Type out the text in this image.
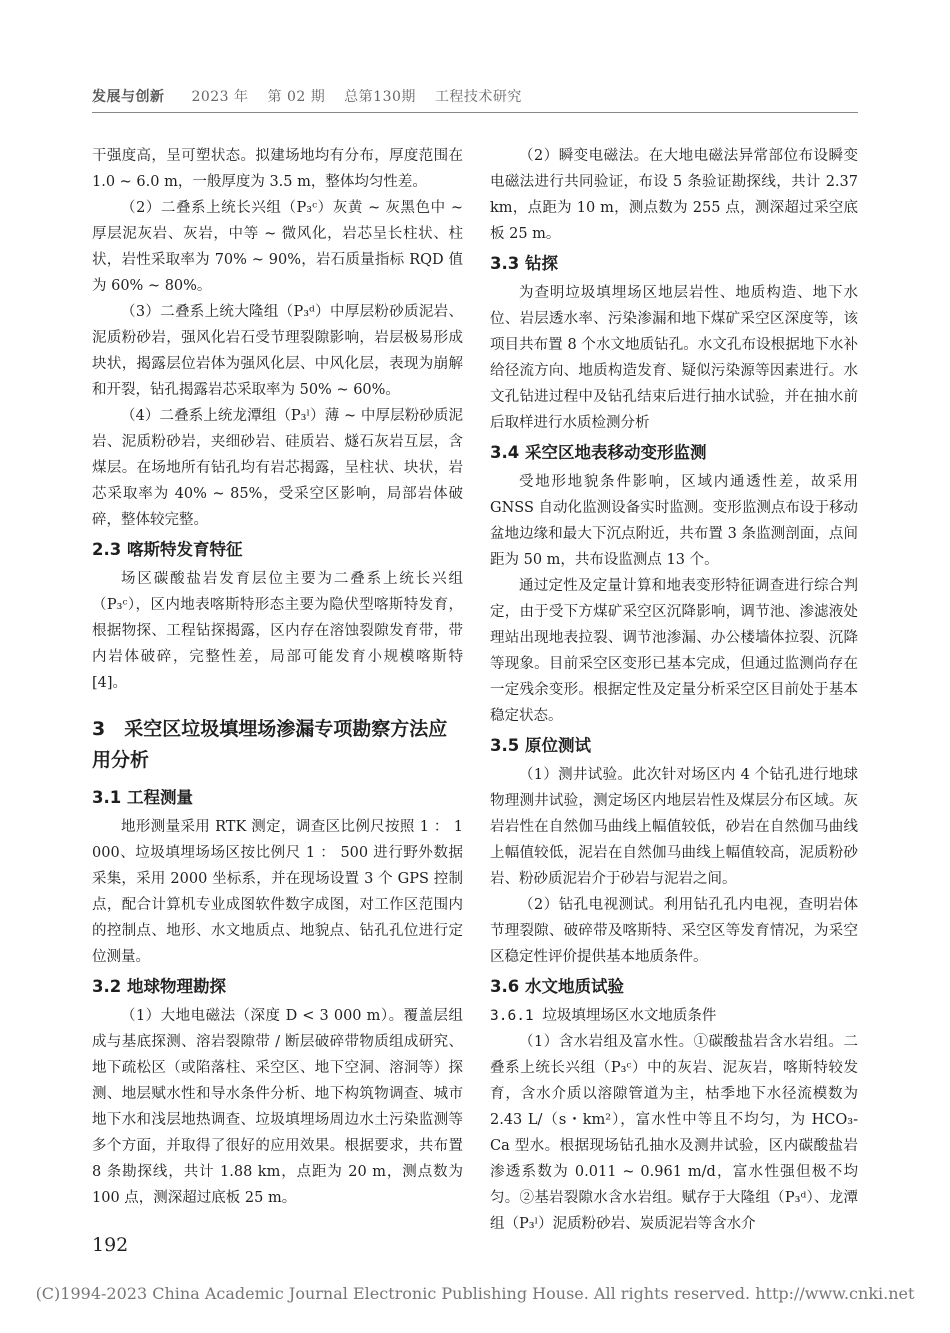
发展与创新 2023 年 第 02 期 总第130期 工程技术研究

干强度高，呈可塑状态。拟建场地均有分布，厚度范围在 1.0 ~ 6.0 m，一般厚度为 3.5 m，整体均匀性差。

（2）二叠系上统长兴组（P₃ᶜ）灰黄 ~ 灰黑色中 ~ 厚层泥灰岩、灰岩，中等 ~ 微风化，岩芯呈长柱状、柱状，岩性采取率为 70% ~ 90%，岩石质量指标 RQD 值为 60% ~ 80%。

（3）二叠系上统大隆组（P₃ᵈ）中厚层粉砂质泥岩、泥质粉砂岩，强风化岩石受节理裂隙影响，岩层极易形成块状，揭露层位岩体为强风化层、中风化层，表现为崩解和开裂，钻孔揭露岩芯采取率为 50% ~ 60%。

（4）二叠系上统龙潭组（P₃ˡ）薄 ~ 中厚层粉砂质泥岩、泥质粉砂岩，夹细砂岩、硅质岩、燧石灰岩互层，含煤层。在场地所有钻孔均有岩芯揭露，呈柱状、块状，岩芯采取率为 40% ~ 85%，受采空区影响，局部岩体破碎，整体较完整。

2.3 喀斯特发育特征

场区碳酸盐岩发育层位主要为二叠系上统长兴组（P₃ᶜ），区内地表喀斯特形态主要为隐伏型喀斯特发育，根据物探、工程钻探揭露，区内存在溶蚀裂隙发育带，带内岩体破碎，完整性差，局部可能发育小规模喀斯特 [4]。

3　采空区垃圾填埋场渗漏专项勘察方法应用分析
3.1 工程测量

地形测量采用 RTK 测定，调查区比例尺按照 1 ： 1 000、垃圾填埋场场区按比例尺 1 ： 500 进行野外数据采集，采用 2000 坐标系，并在现场设置 3 个 GPS 控制点，配合计算机专业成图软件数字成图，对工作区范围内的控制点、地形、水文地质点、地貌点、钻孔孔位进行定位测量。

3.2 地球物理勘探

（1）大地电磁法（深度 D < 3 000 m）。覆盖层组成与基底探测、溶岩裂隙带 / 断层破碎带物质组成研究、地下疏松区（或陷落柱、采空区、地下空洞、溶洞等）探测、地层赋水性和导水条件分析、地下构筑物调查、城市地下水和浅层地热调查、垃圾填埋场周边水土污染监测等多个方面，并取得了很好的应用效果。根据要求，共布置 8 条勘探线，共计 1.88 km，点距为 20 m，测点数为 100 点，测深超过底板 25 m。

（2）瞬变电磁法。在大地电磁法异常部位布设瞬变电磁法进行共同验证，布设 5 条验证勘探线，共计 2.37 km，点距为 10 m，测点数为 255 点，测深超过采空底板 25 m。

3.3 钻探

为查明垃圾填埋场区地层岩性、地质构造、地下水位、岩层透水率、污染渗漏和地下煤矿采空区深度等，该项目共布置 8 个水文地质钻孔。水文孔布设根据地下水补给径流方向、地质构造发育、疑似污染源等因素进行。水文孔钻进过程中及钻孔结束后进行抽水试验，并在抽水前后取样进行水质检测分析

3.4 采空区地表移动变形监测

受地形地貌条件影响，区域内通透性差，故采用 GNSS 自动化监测设备实时监测。变形监测点布设于移动盆地边缘和最大下沉点附近，共布置 3 条监测剖面，点间距为 50 m，共布设监测点 13 个。

通过定性及定量计算和地表变形特征调查进行综合判定，由于受下方煤矿采空区沉降影响，调节池、渗滤液处理站出现地表拉裂、调节池渗漏、办公楼墙体拉裂、沉降等现象。目前采空区变形已基本完成，但通过监测尚存在一定残余变形。根据定性及定量分析采空区目前处于基本稳定状态。

3.5 原位测试

（1）测井试验。此次针对场区内 4 个钻孔进行地球物理测井试验，测定场区内地层岩性及煤层分布区域。灰岩岩性在自然伽马曲线上幅值较低，砂岩在自然伽马曲线上幅值较低，泥岩在自然伽马曲线上幅值较高，泥质粉砂岩、粉砂质泥岩介于砂岩与泥岩之间。

（2）钻孔电视测试。利用钻孔孔内电视，查明岩体节理裂隙、破碎带及喀斯特、采空区等发育情况，为采空区稳定性评价提供基本地质条件。

3.6 水文地质试验
3.6.1 垃圾填埋场区水文地质条件

（1）含水岩组及富水性。①碳酸盐岩含水岩组。二叠系上统长兴组（P₃ᶜ）中的灰岩、泥灰岩，喀斯特较发育，含水介质以溶隙管道为主，枯季地下水径流模数为 2.43 L/（s・km²），富水性中等且不均匀，为 HCO₃-Ca 型水。根据现场钻孔抽水及测井试验，区内碳酸盐岩渗透系数为 0.011 ~ 0.961 m/d，富水性强但极不均匀。②基岩裂隙水含水岩组。赋存于大隆组（P₃ᵈ）、龙潭组（P₃ˡ）泥质粉砂岩、炭质泥岩等含水介

192
(C)1994-2023 China Academic Journal Electronic Publishing House. All rights reserved. http://www.cnki.net
